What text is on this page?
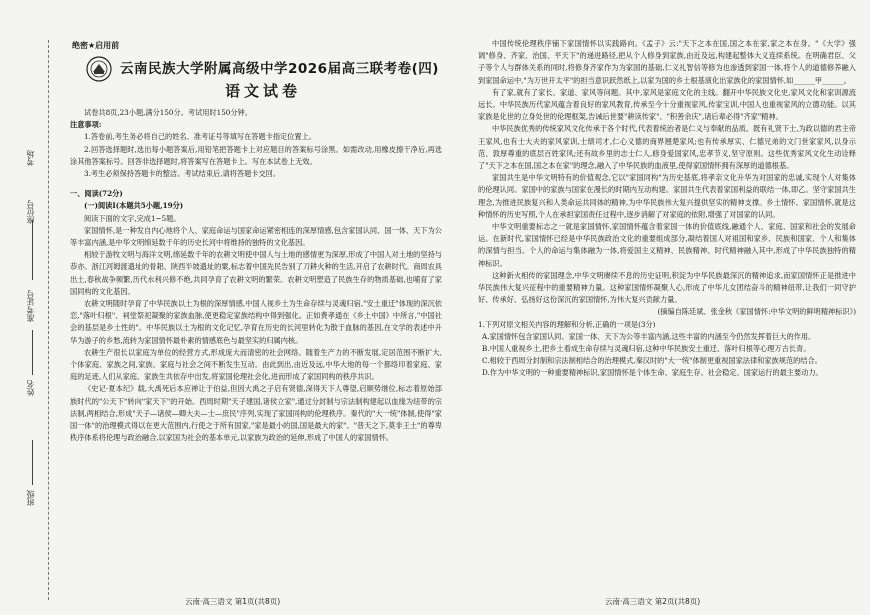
考场
座位号
准考证号
姓名
班级
绝密★启用前
云南民族大学附属高级中学2026届高三联考卷(四)
语文试卷

试卷共8页,23小题,满分150分。考试用时150分钟。

注意事项:

1.答卷前,考生务必将自己的姓名、准考证号等填写在答题卡指定位置上。

2.回答选择题时,选出每小题答案后,用铅笔把答题卡上对应题目的答案标号涂黑。如需改动,用橡皮擦干净后,再选涂其他答案标号。回答非选择题时,将答案写在答题卡上。写在本试卷上无效。

3.考生必须保持答题卡的整洁。考试结束后,请将答题卡交回。

一、阅读(72分)

(一)阅读Ⅰ(本题共5小题,19分)

阅读下面的文字,完成1~5题。

家国情怀,是一种发自内心地将个人、家庭命运与国家命运紧密相连的深厚情感,包含家国认同、国一体、天下为公等丰富内涵,是中华文明绵延数千年的历史长河中将维持的独特的文化基因。

相较于游牧文明与海洋文明,绵延数千年的农耕文明使中国人与土地的感情更为深厚,形成了中国人对土地的坚持与恭亦。浙江河姆渡遗址的骨耜、陕西半坡遗址的粟,标志着中国先民告别了刀耕火种的生活,开启了农耕时代。商周农具出土,春秋战争频繁,历代水利兴修不绝,共同孕育了农耕文明的繁荣。农耕文明塑造了民族生存的物质基础,也哺育了家国同构的文化基因。

农耕文明随时孕育了中华民族以土为根的深厚情感,中国人视乡土为生命存续与灵魂归宿,"安土重迁"体现的深沉依恋,"落叶归根"、祠堂祭祀凝聚的家族血脉,使更稳定家族结构中得到强化。正如费孝通在《乡土中国》中所言,"中国社会的基层是乡土性的"。中华民族以土为根的文化记忆,孕育在历史的长河里转化为散于血脉的基因,在文学的表述中升华为游子的乡愁,流转为家国情怀最朴素的情感底色与最坚实的归属内核。

农耕生产很长以家庭为单位的经营方式,形成庞大而清密的社会网络。随着生产力的不断发展,定居范围不断扩大,个体家庭、家族之间,家族、家庭与社会之间不断发生互动。由此到出,由近及远,中华大地的每一个都络印着家庭、家庭的足迹,人们从家庭、家族生共依存中出发,将家国伦理社会化,进而形成了家国同构的秩序共识。

《史记·夏本纪》载,大禹死后本应禅让于伯益,但因大禹之子启有贤德,深得天下人尊望,启顺势继位,标志着原始部族时代的"公天下"转向"家天下"的开始。西周时期"天子建国,诸侯立家",通过分封制与宗法制构建起以血缘为纽带的宗法制,两相结合,形成"天子—诸侯—卿大夫—士—庶民"序列,实现了家国同构的伦理秩序。秦代的"大一统"体制,使得"家国一体"的治理模式得以在更大范围内,行使之于所有国家,"家是最小的国,国是最大的家"。"普天之下,莫非王土"的尊卑秩序体系将伦理与政治融合,以家国为社会的基本单元,以家族为政治的延伸,形成了中国人的家国情怀。

云南·高三语文 第1页(共8页)

中国传统伦理秩序铺下家国情怀以实践路向。《孟子》云:"天下之本在国,国之本在家,家之本在身。"《大学》强调"修身、齐家、治国、平天下"的递进路径,把从个人修身到家族,由近及远,构建起整体大义连续系统。在明确君臣、父子等个人与群体关系的同时,将修身齐家作为为家国的基础,仁义礼智信等修为也渗透到家国一体,将个人的道德修养融入到家国命运中,"为万世开太平"的担当意识跃然纸上,以家为国的乡土根基演化出家族化的家国情怀,如______甲______。

有了家,就有了家长、家道、家风等问题。其中,家风是家庭文化的主线。翻开中华民族文化史,家风文化和家训源流远长。中华民族历代家风蕴含着良好的家风教育,传承至今十分重视家风,传家宝训,中国人也重视家风的立德功能。以其家族是化世的立身处世的伦理框架,告诫后世要"耕读传家"、"积善余庆",诸后辈必得"齐家"精神。

中华民族优秀的传统家风文化传承于各个时代,代表着统治者是仁义与奉献的品质。既有礼贤下士,为政以德的君主帝王家风,也有士大夫的家风家训,士绩司才,仁心义德的商界翘楚家风;也有传承厚实、仁德兄弟的文门世家家风,以身示范、敦厚尊重的底层百姓家风;还有故乡里的志士仁人,修身爱国家风,忠孝节义,坚守原则。这些优秀家风文化生动诠释了"天下之本在国,国之本在家"的理念,融入了中华民族的血液里,使得家国情怀拥有深厚的道德根基。

家国共生是中华文明特有的价值观念,它以"家国同构"为历史基底,将孝亲文化升华为对国家的忠诚,实现个人对集体的伦理认同。家国中的家族与国家在漫长的时期内互动构建。家国共生代表着家国利益的联结一体,即乙。坚守家国共生理念,为推进民族复兴和人类命运共同体的精神,为中华民族伟大复兴提供坚实的精神支撑。乡土情怀、家国情怀,就是这种情怀的历史写照,个人在承担家国责任过程中,逐步消解了对家庭的依附,增强了对国家的认同。

中华文明重要标志之一就是家国情怀,家国情怀蕴含着家国一体的价值底线,融通个人、家庭、国家和社会的发展命运。在新时代,家国情怀已经是中华民族政治文化的重要组成部分,凝结着国人对祖国和家乡、民族和国家、个人和集体的深情与担当。个人的命运与集体融为一体,将爱国主义精神、民族精神、时代精神融入其中,形成了中华民族独特的精神标识。

这种新火相传的家国理念,中华文明赓续不息的历史证明,积淀为中华民族最深沉的精神追求,而家国情怀正是推进中华民族伟大复兴征程中的重要精神力量。这种家国情怀凝聚人心,形成了中华儿女团结奋斗的精神纽带,让我们一同守护好、传承好、弘扬好这份深沉的家国情怀,为伟大复兴贡献力量。

(摘编自陈廷斌、张金秋《家国情怀:中华文明的鲜明精神标识》)

1.下列对原文相关内容的理解和分析,正确的一项是(3分)

A.家国情怀包含家国认同、家国一体、天下为公等丰富内涵,这些丰富的内涵至今仍然发挥着巨大的作用。

B.中国人重视乡土,把乡土看成生命存续与灵魂归宿,这种中华民族安土重迁、落叶归根等心理万古长青。

C.相较于西周分封制和宗法制相结合的治理模式,秦汉时的"大一统"体制更重视国家法律和家族规范的结合。

D.作为中华文明的一种重要精神标识,家国情怀是个体生命、家庭生存、社会稳定、国家运行的最主要动力。

云南·高三语文 第2页(共8页)
